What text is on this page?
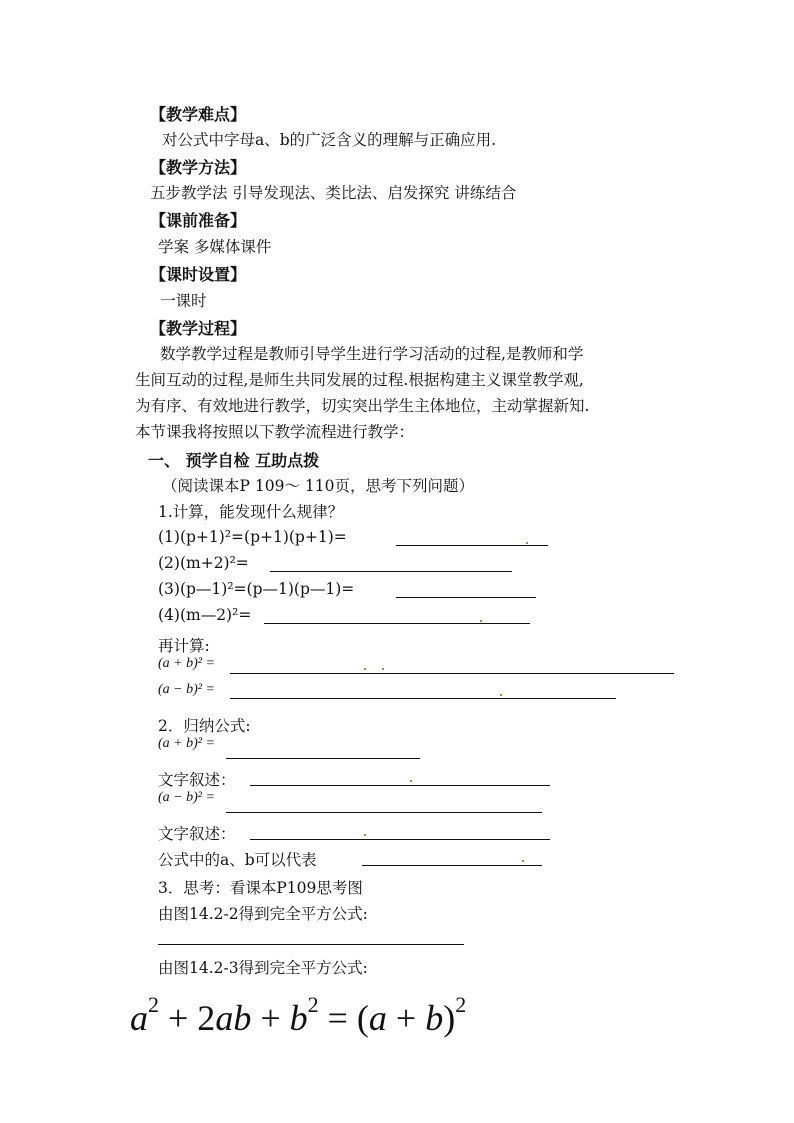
【教学难点】
对公式中字母a、b的广泛含义的理解与正确应用.
【教学方法】
五步教学法 引导发现法、类比法、启发探究 讲练结合
【课前准备】
学案 多媒体课件
【课时设置】
一课时
【教学过程】
数学教学过程是教师引导学生进行学习活动的过程,是教师和学
生间互动的过程,是师生共同发展的过程.根据构建主义课堂教学观,
为有序、有效地进行教学，切实突出学生主体地位，主动掌握新知.
本节课我将按照以下教学流程进行教学：
一、 预学自检 互助点拨
（阅读课本P 109～ 110页，思考下列问题）
1.计算，能发现什么规律？
(1)(p+1)²=(p+1)(p+1)=
(2)(m+2)²=
(3)(p—1)²=(p—1)(p—1)=
(4)(m—2)²=
再计算:
(a + b)² =
(a − b)² =
2．归纳公式:
(a + b)² =
文字叙述：
(a − b)² =
文字叙述：
公式中的a、b可以代表
3．思考：看课本P109思考图
由图14.2-2得到完全平方公式:
由图14.2-3得到完全平方公式:
$a^2 + 2ab + b^2 = (a + b)^2$
